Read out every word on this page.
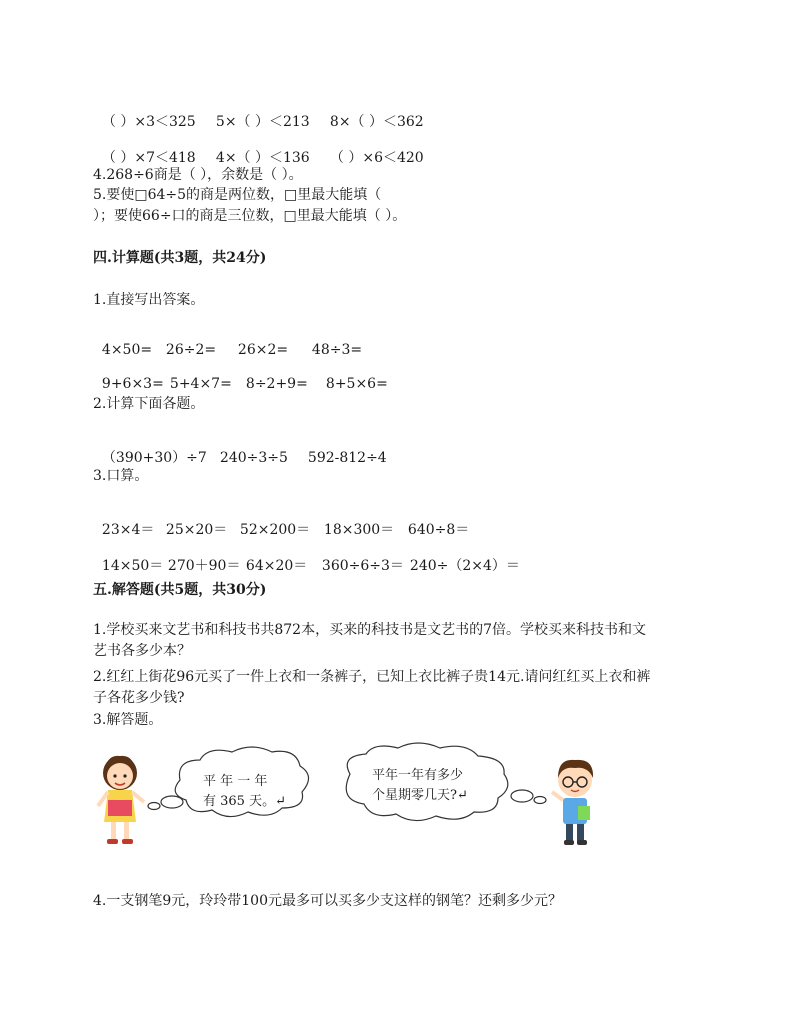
（ ）×3＜325 5×（ ）＜213 8×（ ）＜362

（ ）×7＜418 4×（ ）＜136 （ ）×6＜420

4.268÷6商是（ ），余数是（ ）。
5.要使□64÷5的商是两位数，□里最大能填（
）；要使66÷口的商是三位数，□里最大能填（ ）。
四.计算题(共3题，共24分)
1.直接写出答案。

4×50= 26÷2= 26×2= 48÷3=

9+6×3= 5+4×7= 8÷2+9= 8+5×6=

2.计算下面各题。

（390+30）÷7 240÷3÷5 592-812÷4

3.口算。

23×4＝ 25×20＝ 52×200＝ 18×300＝ 640÷8＝

14×50＝ 270＋90＝ 64×20＝ 360÷6÷3＝ 240÷（2×4）＝

五.解答题(共5题，共30分)
1.学校买来文艺书和科技书共872本，买来的科技书是文艺书的7倍。学校买来科技书和文
艺书各多少本？
2.红红上街花96元买了一件上衣和一条裤子，已知上衣比裤子贵14元.请问红红买上衣和裤
子各花多少钱?
3.解答题。
平 年 一 年
有 365 天。↵
平年一年有多少
个星期零几天?↵
4.一支钢笔9元，玲玲带100元最多可以买多少支这样的钢笔？还剩多少元？
